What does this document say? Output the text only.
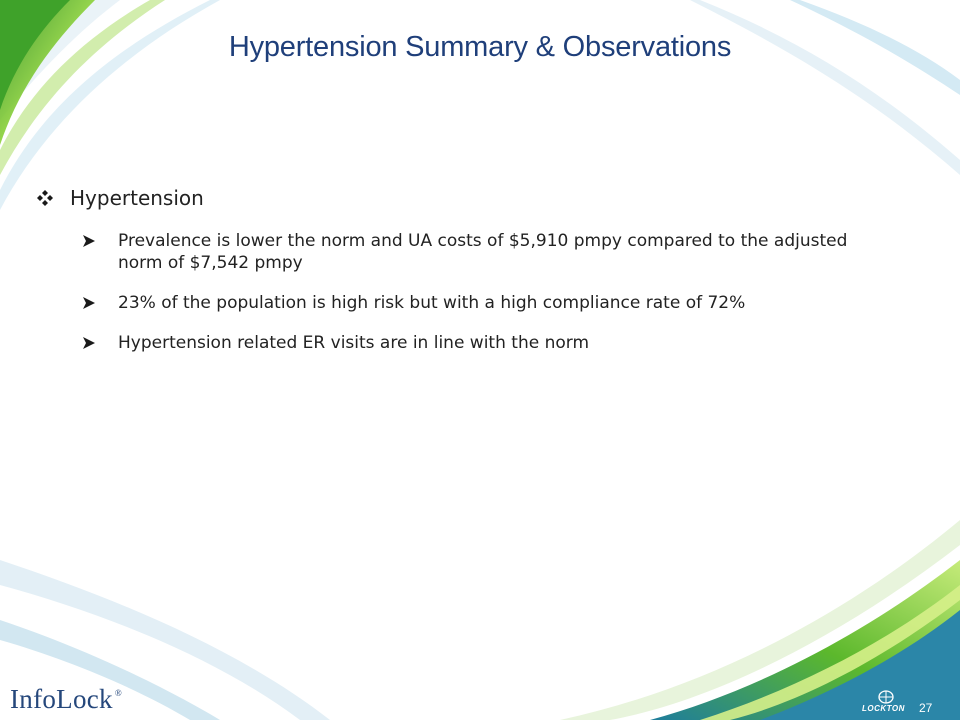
Hypertension Summary & Observations
Hypertension
Prevalence is lower the norm and UA costs of $5,910 pmpy compared to the adjusted norm of $7,542 pmpy
23% of the population is high risk but with a high compliance rate of 72%
Hypertension related ER visits are in line with the norm
InfoLock ®
LOCKTON 27
